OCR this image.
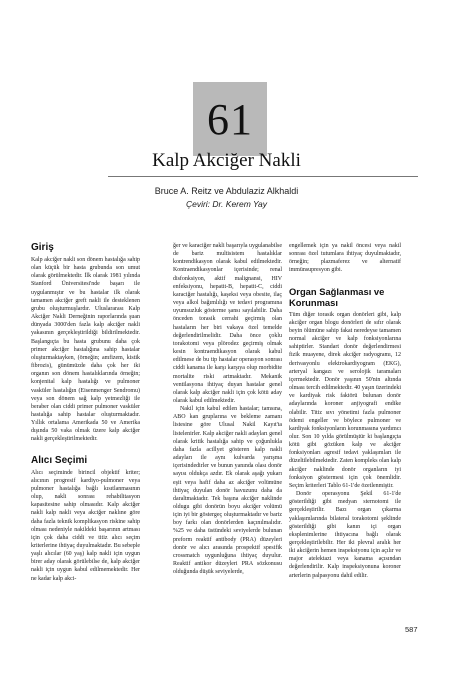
61
Kalp Akciğer Nakli
Bruce A. Reitz ve Abdulaziz Alkhaldi
Çeviri: Dr. Kerem Yay
Giriş

Kalp akciğer nakli son dönem hastalığa sahip olan küçük bir hasta grubunda son umut olarak görülmektedir. İlk olarak 1981 yılında Stanford Üniversitesi'nde başarı ile uygulanmıştır ve bu hastalar ilk olarak tamamen akciğer greft nakli ile desteklenen grubu oluşturmuşlardır. Uluslararası Kalp Akciğer Nakli Derneğinin raporlarında şuan dünyada 3000'den fazla kalp akciğer nakli yakasının gerçekleştirildiği bildirilmektedir. Başlangıçta bu hasta grubunu daha çok primer akciğer hastalığına sahip hastalar oluşturmaktayken, (örneğin; amfizem, kistik fibrozis), günümüzde daha çok her iki organın son dönem hastalıklarında örneğin; konjenital kalp hastalığı ve pulmoner vasküler hastalığın (Eisenmenger Sendromu) veya son dönem sağ kalp yetmezliği ile beraber olan ciddi primer pulmoner vasküler hastalığa sahip hastalar oluşturmaktadır. Yıllık ortalama Amerikada 50 ve Amerika dışında 50 vaka olmak üzere kalp akciğer nakli gerçekleştirilmektedir.

Alıcı Seçimi

Alıcı seçiminde birincil objektif kriter; alıcının progresif kardiyo-pulmoner veya pulmoner hastalığa bağlı kısıtlanmasının olup, nakli sonrası rehabilitasyon kapasitesine sahip olmasıdır. Kalp akciğer nakli kalp nakli veya akciğer naklıne göre daha fazla teknik komplikasyon riskine sahip olması nedeniyle nakildeki başarının artması için çok daha ciddi ve titiz alıcı seçim kriterlerine ihtiyaç duyulmaktadır. Bu sebeple yaşlı alıcılar (60 yaş) kalp nakli için uygun birer aday olarak görülebilse de, kalp akciğer nakli için uygun kabul edilmemektedir. Her ne kadar kalp akci-

ğer ve karaciğer nakli başarıyla uygulanabilse de bariz multisistem hastalıklar kontrendikasyon olarak kabul edilmektedir. Kontraendikasyonlar içerisinde; renal disfonksiyon, aktif malignansi, HIV enfeksiyonu, hepatit-B, hepatit-C, ciddi karaciğer hastalığı, kaşeksi veya obesite, ilaç veya alkol bağımlılığı ve tedavi programına uyumsuzluk gösterme şansı sayılabilir. Daha önceden torasik cerrahi geçirmiş olan hastaların her biri vakaya özel temelde değerlendirilmelidir. Daha önce çoklu torakotomi veya plörodez geçirmiş olmak kesin kontraendikasyon olarak kabul edilmese de bu tip hastalar operasyon sonrası ciddi kanama ile karşı karşıya olup morbidite mortalite riski artmaktadır. Mekanik ventilasyona ihtiyaç duyan hastalar genel olarak kalp akciğer nakli için çok kötü aday olarak kabul edilmektedir.

Nakil için kabul edilen hastalar; tamsına, ABO kan gruplarına ve bekleme zamanı listesine göre Ulusal Nakil Kayıt'ta listelenirler. Kalp akciğer nakli adayları genel olarak kritik hastalığa sahip ve çoğunlukla daha fazla acillyet gösteren kalp nakli adayları ile aynı kulvarda yarışma içerisindedirler ve bunun yanında olası donör sayısı oldukça azdır. Ek olarak aşağı yukarı eşit veya hafif daha az akciğer volümüne ihtiyaç duyulan donör havuzunu daha da daraltmaktadır. Tek başına akciğer naklinde oldugu gibi donörün boyu akciğer volümü için iyi bir göstergeç oluşturmaktadır ve bariz boy farkı olan donörlerden kaçınılmalıdır. %25 ve daha üstündeki seviyelerde bulunan preform reaktif antibody (PRA) düzeyleri donör ve alıcı arasında prospektif spesifik crossmatch uygunluğuna ihtiyaç duyulur. Reaktif antikor düzeyleri PRA sözkonusu olduğunda düşük seviyelerde,

engellemek için ya nakil öncesi veya nakil sonrası özel tutumlara ihtiyaç duyulmaktadır, örneğin; plazmaferez ve alternatif immünsupresyon gibi.

Organ Sağlanması ve Korunması

Tüm diğer torasik organ donörleri gibi, kalp akciğer organ blogu donörleri de sıfır olarak beyin ölümüne sahip fakat neredeyse tamamen normal akciğer ve kalp fonksiyonlarına sahiptirler. Standart donör değerlendirmesi fizik muayene, direk akciğer radyogramı, 12 derivasyonlu elektrokardiyogram (EKG), arteryal kangazı ve serolojik taramaları içermektedir. Donör yaşının 50'nin altında olması tercih edilmektedir. 40 yaşın üzerindeki ve kardiyak risk faktörü bulunan donör adaylarında koroner anjiyografi endike olabilir. Titiz sıvı yönetimi fazla pulmoner ödemi engeller ve böylece pulmoner ve kardiyak fonksiyonların korunmasına yardımcı olur. Son 10 yılda görülmüştür ki başlangıçta kötü gibi gözüken kalp ve akciğer fonksiyonları agresif tedavi yaklaşımları ile düzeltilebilmektedir. Zaten kompleks olan kalp akciğer naklinde donör organların iyi fonksiyon göstermesi için çok önemlidir. Seçim kriterleri Tablo 61-1'de özetlenmiştir.

Donör operasyonu Şekil 61-1'de gösterildiği gibi medyan sternotomi ile gerçekleştirilir. Bazı organ çıkarma yaklaşımlarında bilateral torakotomi şeklinde gösterildiği gibi kanın içi organ eksplenimlerine ihtiyacına bağlı olarak gerçekleştirilebilir. Her iki plevral aralık her iki akciğerin hemen inspeksiyonu için açılır ve major atelektazi veya kanama açısından değerlendirilir. Kalp inspeksiyonuna koroner arterlerin palpasyonu dahil edilir.

587
